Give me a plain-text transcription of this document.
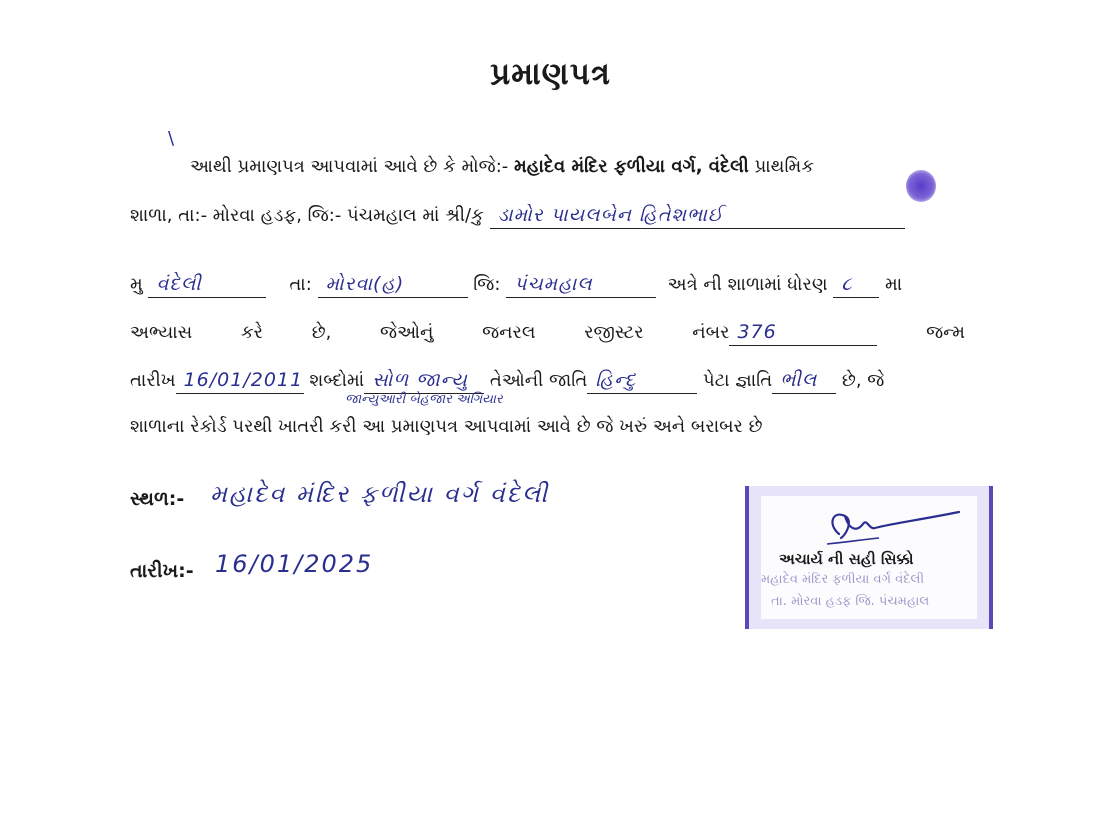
પ્રમાણપત્ર
\
આથી પ્રમાણપત્ર આપવામાં આવે છે કે મોજે:- મહાદેવ મંદિર ફળીયા વર્ગ, વંદેલી પ્રાથમિક
શાળા, તા:- મોરવા હડફ, જિ:- પંચમહાલ માં શ્રી/કુ ડામોર પાયલબેન હિતેશભાઈ
મુ વંદેલી	તા: મોરવા(હ)	જિ: પંચમહાલ	અત્રે ની શાળામાં ધોરણ ૮ મા
અભ્યાસ	કરે	છે,	જેઓનું	જનરલ	રજીસ્ટર	નંબર 376	જન્મ
તારીખ 16/01/2011 શબ્દોમાં સોળ જાન્યુ તેઓની જાતિ હિન્દુ	પેટા જ્ઞાતિ ભીલ છે, જે
જાન્યુઆરી બેહજાર અગિયાર
શાળાના રેકોર્ડ પરથી ખાતરી કરી આ પ્રમાણપત્ર આપવામાં આવે છે જે ખરું અને બરાબર છે
સ્થળ:- મહાદેવ મંદિર ફળીયા વર્ગ વંદેલી
તારીખ:- 16/01/2025	અચાર્ય ની સહી સિક્કો
મહાદેવ મંદિર ફળીયા વર્ગ વંદેલી
તા. મોરવા હડફ જિ. પંચમહાલ
